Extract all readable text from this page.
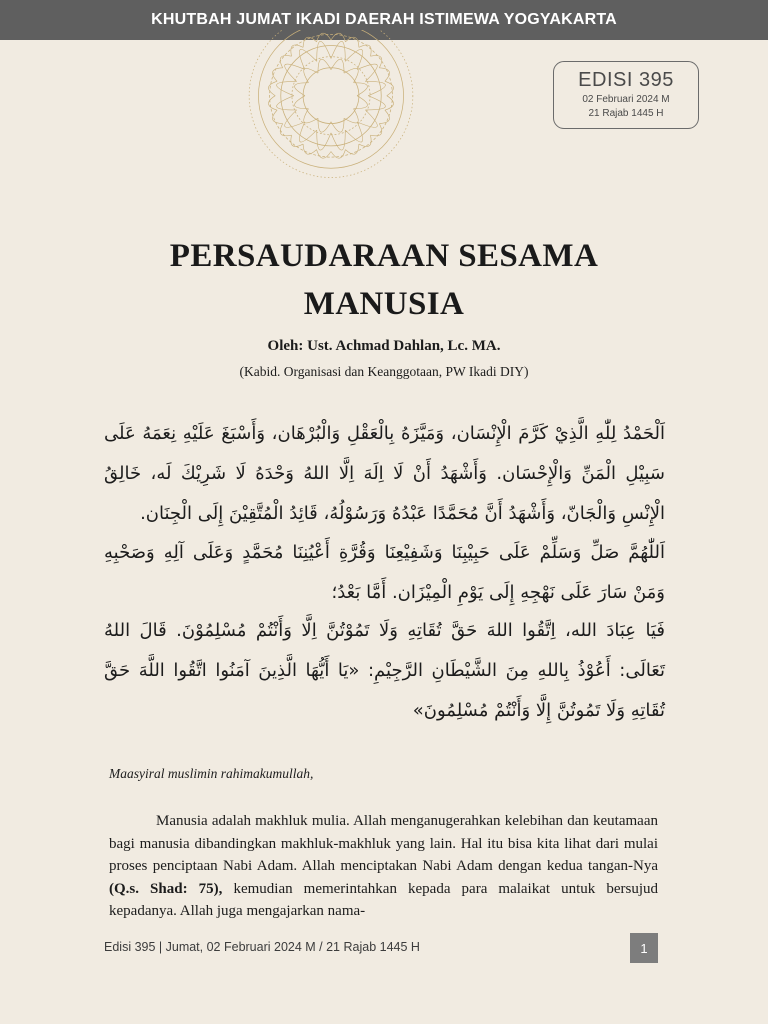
KHUTBAH JUMAT IKADI DAERAH ISTIMEWA YOGYAKARTA
EDISI 395
02 Februari 2024 M
21 Rajab 1445 H
PERSAUDARAAN SESAMA MANUSIA
Oleh: Ust. Achmad Dahlan, Lc. MA.
(Kabid. Organisasi dan Keanggotaan, PW Ikadi DIY)
اَلْحَمْدُ لِلّٰهِ الَّذِيْ كَرَّمَ الْإِنْسَان، وَمَيَّزَهُ بِالْعَقْلِ وَالْبُرْهَان، وَأَسْبَغَ عَلَيْهِ نِعَمَهُ عَلَى سَبِيْلِ الْمَنِّ وَالْإِحْسَان. وَأَشْهَدُ أَنْ لَا اِلَهَ اِلَّا اللهُ وَحْدَهُ لَا شَرِيْكَ لَه، خَالِقُ الْإِنْسِ وَالْجَانّ، وَأَشْهَدُ أَنَّ مُحَمَّدًا عَبْدُهُ وَرَسُوْلُهُ، قَائِدُ الْمُتَّقِيْنَ إِلَى الْجِنَان.
اَللّٰهُمَّ صَلِّ وَسَلِّمْ عَلَى حَبِيْبِنَا وَشَفِيْعِنَا وَقُرَّةِ أَعْيُنِنَا مُحَمَّدٍ وَعَلَى آلِهِ وَصَحْبِهِ وَمَنْ سَارَ عَلَى نَهْجِهِ إِلَى يَوْمِ الْمِيْزَان. أَمَّا بَعْدُ؛
فَيَا عِبَادَ الله، اِتَّقُوا اللهَ حَقَّ تُقَاتِهِ وَلَا تَمُوْتُنَّ اِلَّا وَأَنْتُمْ مُسْلِمُوْنَ. قَالَ اللهُ تَعَالَى: أَعُوْذُ بِاللهِ مِنَ الشَّيْطَانِ الرَّجِيْمِ: «يَا أَيُّهَا الَّذِينَ آمَنُوا اتَّقُوا اللَّهَ حَقَّ تُقَاتِهِ وَلَا تَمُوتُنَّ إِلَّا وَأَنْتُمْ مُسْلِمُونَ»
Maasyiral muslimin rahimakumullah,

Manusia adalah makhluk mulia. Allah menganugerahkan kelebihan dan keutamaan bagi manusia dibandingkan makhluk-makhluk yang lain. Hal itu bisa kita lihat dari mulai proses penciptaan Nabi Adam. Allah menciptakan Nabi Adam dengan kedua tangan-Nya (Q.s. Shad: 75), kemudian memerintahkan kepada para malaikat untuk bersujud kepadanya. Allah juga mengajarkan nama-

Edisi 395 | Jumat, 02 Februari 2024 M / 21 Rajab 1445 H	1
